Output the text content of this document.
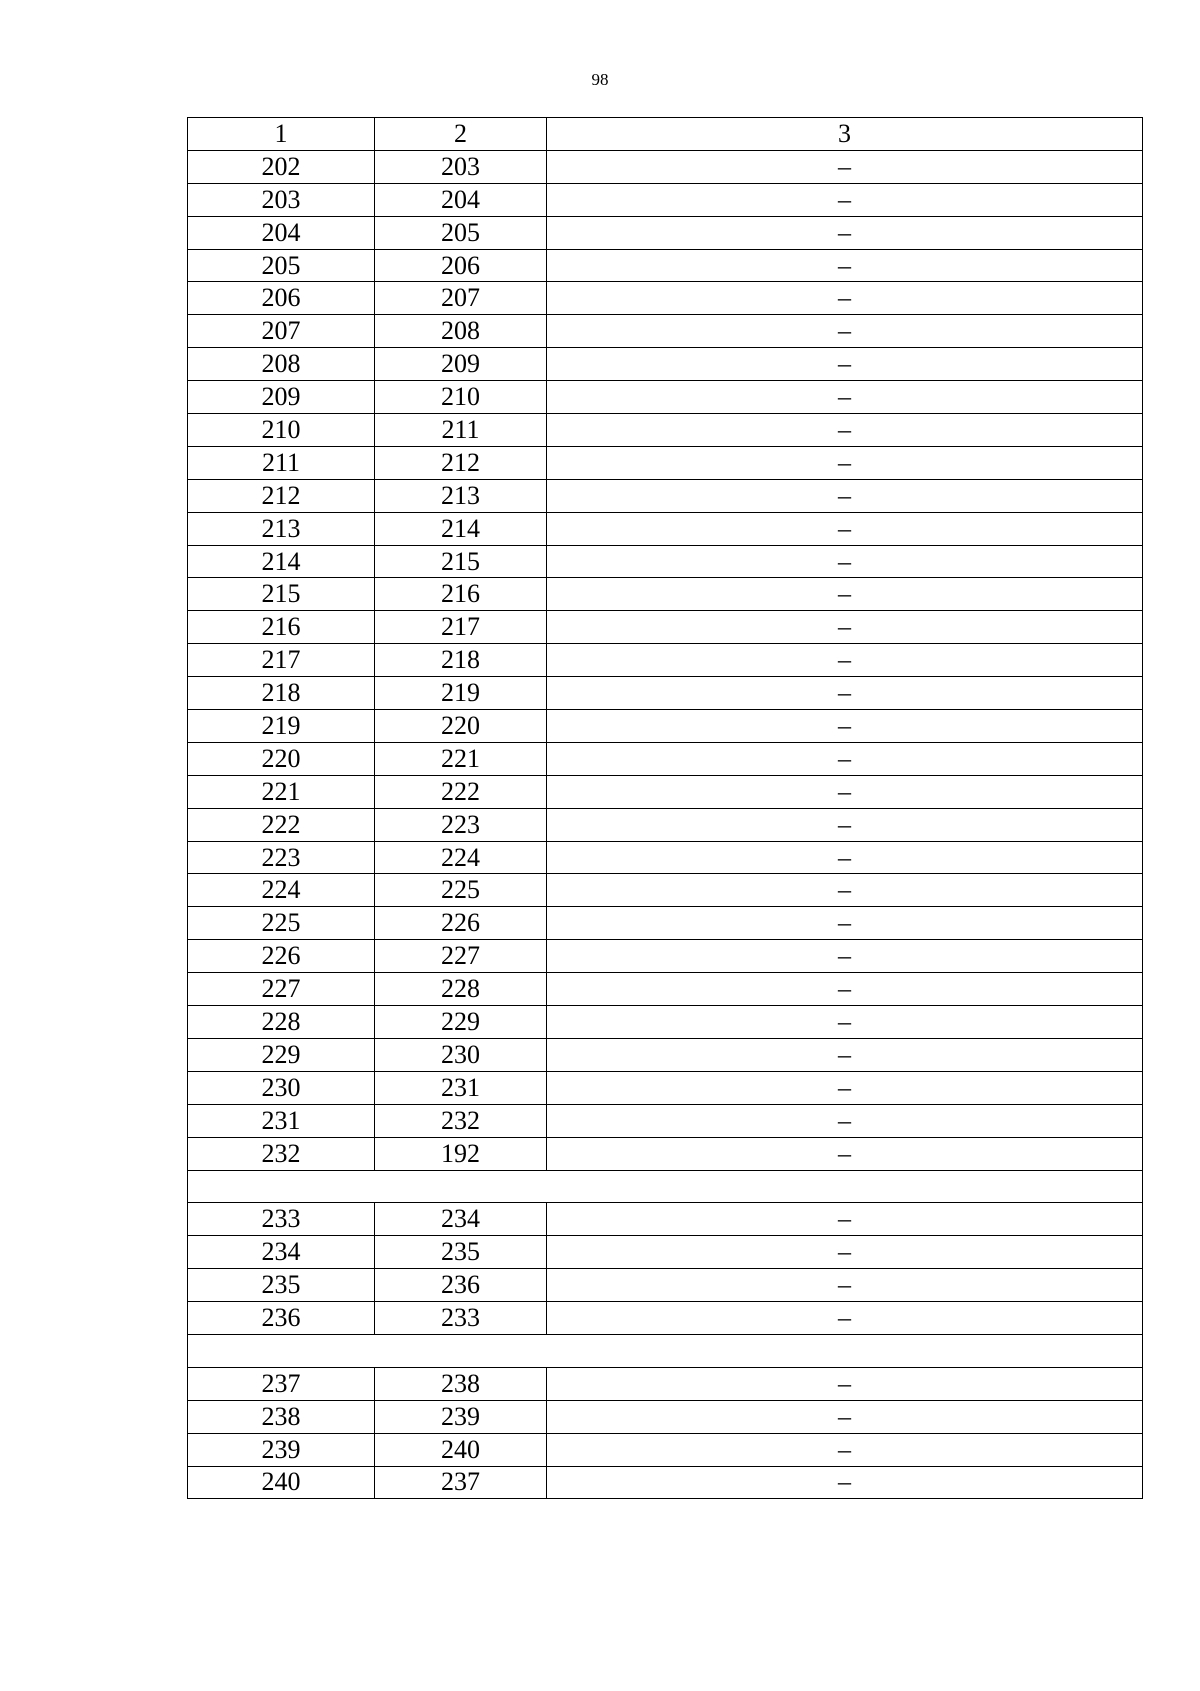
98
1	2	3
202	203	–
203	204	–
204	205	–
205	206	–
206	207	–
207	208	–
208	209	–
209	210	–
210	211	–
211	212	–
212	213	–
213	214	–
214	215	–
215	216	–
216	217	–
217	218	–
218	219	–
219	220	–
220	221	–
221	222	–
222	223	–
223	224	–
224	225	–
225	226	–
226	227	–
227	228	–
228	229	–
229	230	–
230	231	–
231	232	–
232	192	–

233	234	–
234	235	–
235	236	–
236	233	–

237	238	–
238	239	–
239	240	–
240	237	–
